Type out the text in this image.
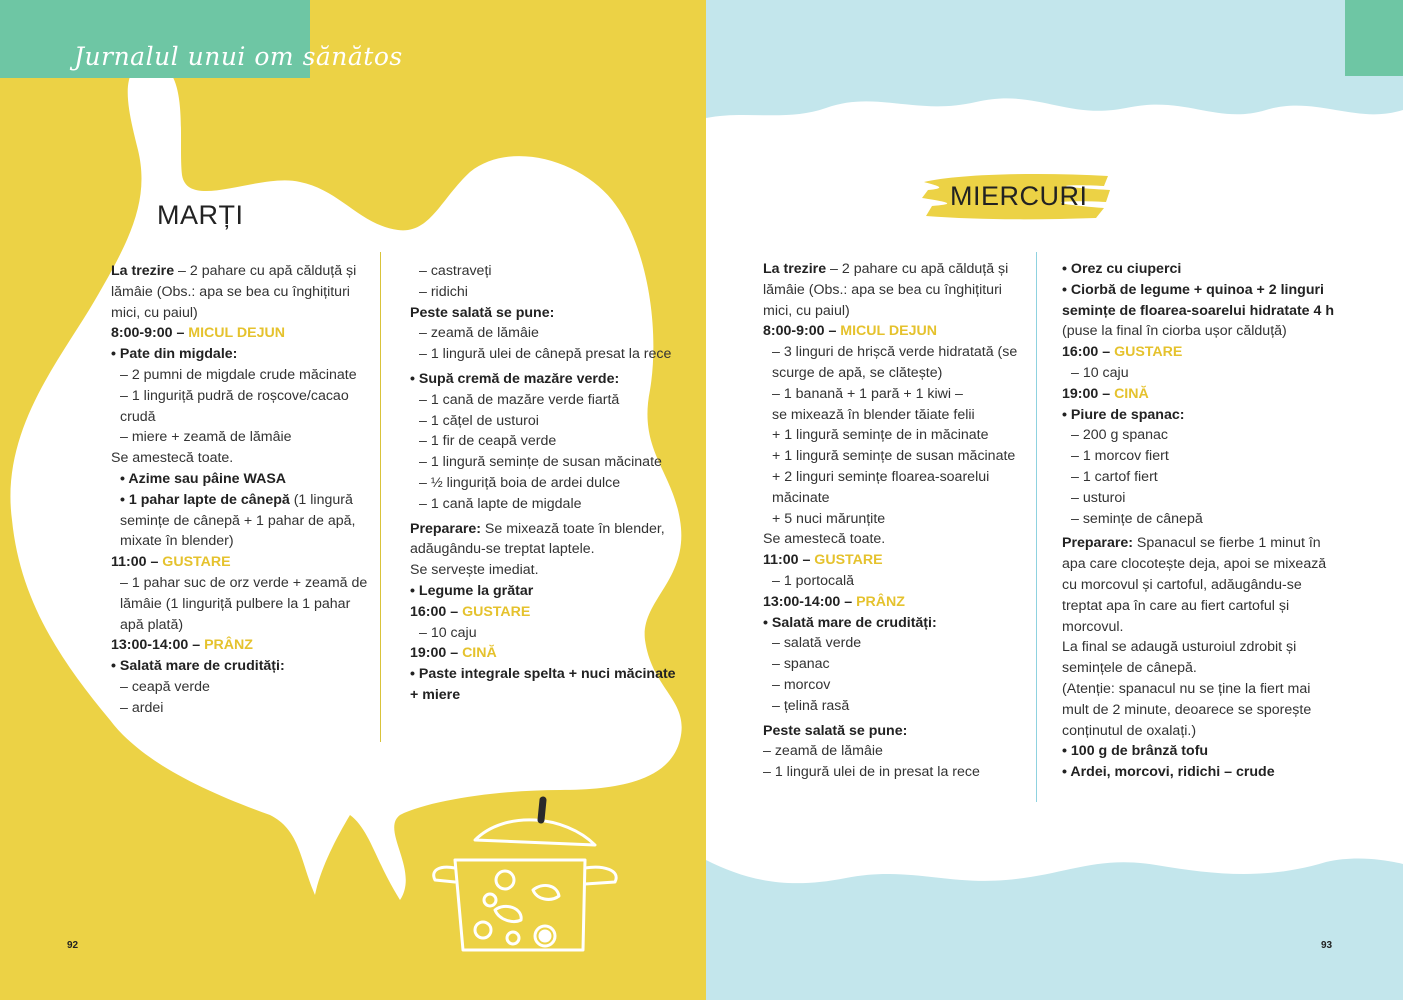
Jurnalul unui om sănătos
MARȚI

La trezire – 2 pahare cu apă călduță și lămâie (Obs.: apa se bea cu înghițituri mici, cu paiul)

8:00-9:00 – MICUL DEJUN

• Pate din migdale:

– 2 pumni de migdale crude măcinate

– 1 linguriță pudră de roșcove/cacao crudă

– miere + zeamă de lămâie

Se amestecă toate.

• Azime sau pâine WASA

• 1 pahar lapte de cânepă (1 lingură semințe de cânepă + 1 pahar de apă, mixate în blender)

11:00 – GUSTARE

– 1 pahar suc de orz verde + zeamă de lămâie (1 linguriță pulbere la 1 pahar apă plată)

13:00-14:00 – PRÂNZ

• Salată mare de crudități:

– ceapă verde

– ardei

– castraveți

– ridichi

Peste salată se pune:

– zeamă de lămâie

– 1 lingură ulei de cânepă presat la rece

• Supă cremă de mazăre verde:

– 1 cană de mazăre verde fiartă

– 1 cățel de usturoi

– 1 fir de ceapă verde

– 1 lingură semințe de susan măcinate

– ½ linguriță boia de ardei dulce

– 1 cană lapte de migdale

Preparare: Se mixează toate în blender, adăugându-se treptat laptele.

Se servește imediat.

• Legume la grătar

16:00 – GUSTARE

– 10 caju

19:00 – CINĂ

• Paste integrale spelta + nuci măcinate + miere

92

La trezire – 2 pahare cu apă călduță și lămâie (Obs.: apa se bea cu înghițituri mici, cu paiul)

8:00-9:00 – MICUL DEJUN

– 3 linguri de hrișcă verde hidratată (se scurge de apă, se clătește)

– 1 banană + 1 pară + 1 kiwi –

se mixează în blender tăiate felii

+ 1 lingură semințe de in măcinate

+ 1 lingură semințe de susan măcinate

+ 2 linguri semințe floarea-soarelui măcinate

+ 5 nuci mărunțite

Se amestecă toate.

11:00 – GUSTARE

– 1 portocală

13:00-14:00 – PRÂNZ

• Salată mare de crudități:

– salată verde

– spanac

– morcov

– țelină rasă

Peste salată se pune:

– zeamă de lămâie

– 1 lingură ulei de in presat la rece

• Orez cu ciuperci

• Ciorbă de legume + quinoa + 2 linguri semințe de floarea-soarelui hidratate 4 h (puse la final în ciorba ușor călduță)

16:00 – GUSTARE

– 10 caju

19:00 – CINĂ

• Piure de spanac:

– 200 g spanac

– 1 morcov fiert

– 1 cartof fiert

– usturoi

– semințe de cânepă

Preparare: Spanacul se fierbe 1 minut în apa care clocotește deja, apoi se mixează cu morcovul și cartoful, adăugându-se treptat apa în care au fiert cartoful și morcovul.

La final se adaugă usturoiul zdrobit și semințele de cânepă.

(Atenție: spanacul nu se ține la fiert mai mult de 2 minute, deoarece se sporește conținutul de oxalați.)

• 100 g de brânză tofu

• Ardei, morcovi, ridichi – crude

93
MIERCURI
